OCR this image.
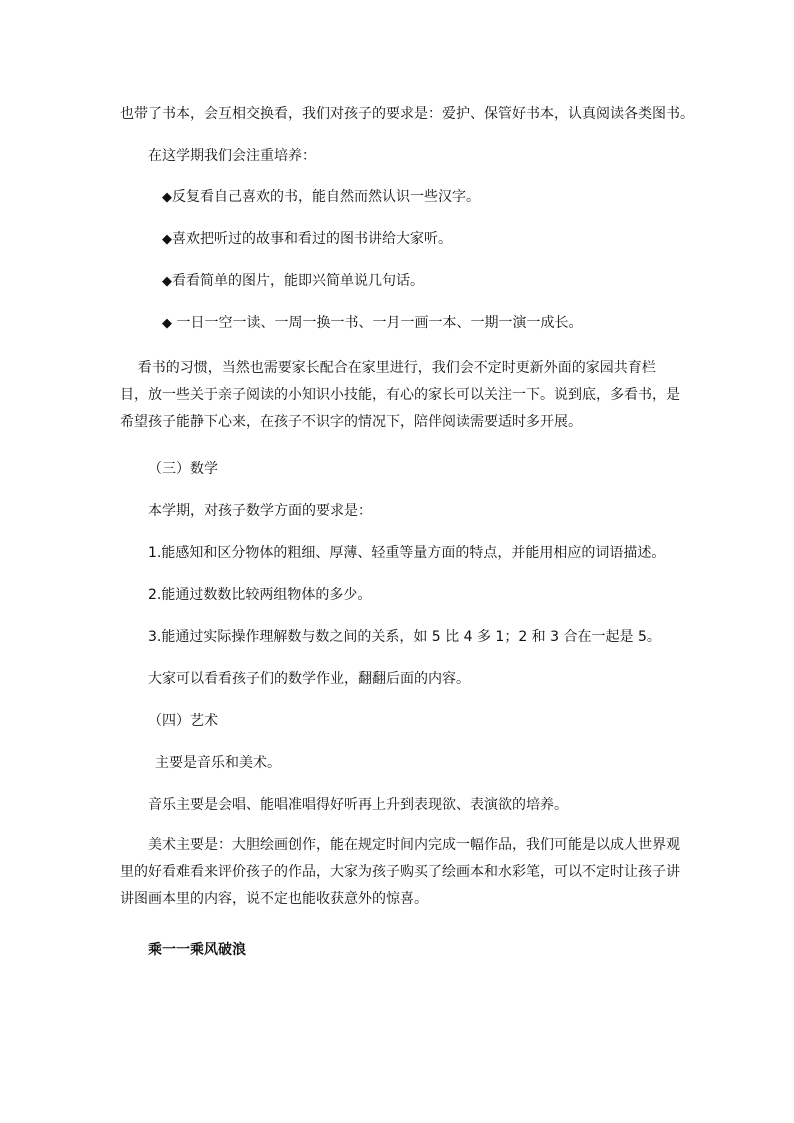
也带了书本，会互相交换看，我们对孩子的要求是：爱护、保管好书本，认真阅读各类图书。
在这学期我们会注重培养：
◆反复看自己喜欢的书，能自然而然认识一些汉字。
◆喜欢把听过的故事和看过的图书讲给大家听。
◆看看简单的图片，能即兴简单说几句话。
◆ 一日一空一读、一周一换一书、一月一画一本、一期一演一成长。
看书的习惯，当然也需要家长配合在家里进行，我们会不定时更新外面的家园共育栏
目，放一些关于亲子阅读的小知识小技能，有心的家长可以关注一下。说到底，多看书，是
希望孩子能静下心来，在孩子不识字的情况下，陪伴阅读需要适时多开展。
（三）数学
本学期，对孩子数学方面的要求是：
1.能感知和区分物体的粗细、厚薄、轻重等量方面的特点，并能用相应的词语描述。
2.能通过数数比较两组物体的多少。
3.能通过实际操作理解数与数之间的关系，如 5 比 4 多 1；2 和 3 合在一起是 5。
大家可以看看孩子们的数学作业，翻翻后面的内容。
（四）艺术
主要是音乐和美术。
音乐主要是会唱、能唱准唱得好听再上升到表现欲、表演欲的培养。
美术主要是：大胆绘画创作，能在规定时间内完成一幅作品，我们可能是以成人世界观
里的好看难看来评价孩子的作品，大家为孩子购买了绘画本和水彩笔，可以不定时让孩子讲
讲图画本里的内容，说不定也能收获意外的惊喜。
乘一一乘风破浪
